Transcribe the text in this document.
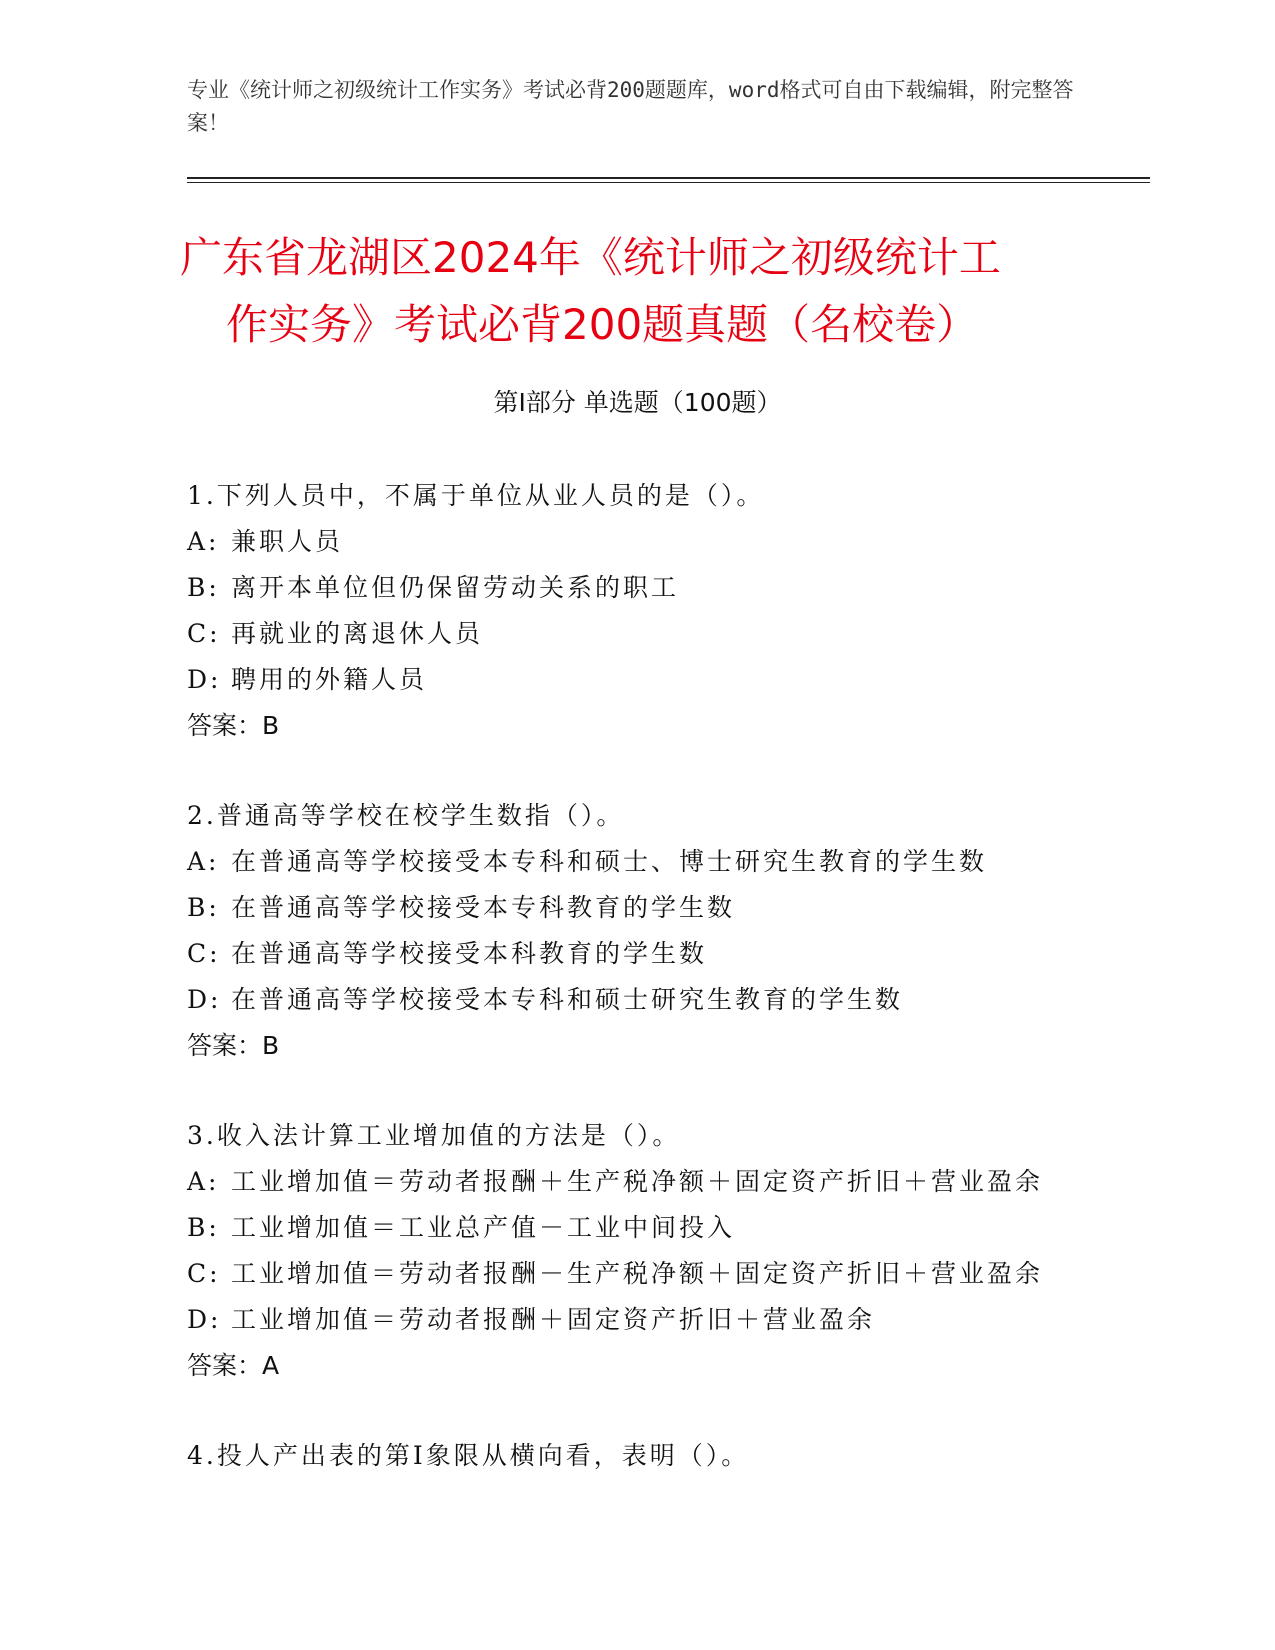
专业《统计师之初级统计工作实务》考试必背200题题库，word格式可自由下载编辑，附完整答案！
广东省龙湖区2024年《统计师之初级统计工
作实务》考试必背200题真题（名校卷）
第Ⅰ部分 单选题（100题）
1.下列人员中，不属于单位从业人员的是（）。
A: 兼职人员
B: 离开本单位但仍保留劳动关系的职工
C: 再就业的离退休人员
D: 聘用的外籍人员
答案：B
2.普通高等学校在校学生数指（）。
A: 在普通高等学校接受本专科和硕士、博士研究生教育的学生数
B: 在普通高等学校接受本专科教育的学生数
C: 在普通高等学校接受本科教育的学生数
D: 在普通高等学校接受本专科和硕士研究生教育的学生数
答案：B
3.收入法计算工业增加值的方法是（）。
A: 工业增加值＝劳动者报酬＋生产税净额＋固定资产折旧＋营业盈余
B: 工业增加值＝工业总产值－工业中间投入
C: 工业增加值＝劳动者报酬－生产税净额＋固定资产折旧＋营业盈余
D: 工业增加值＝劳动者报酬＋固定资产折旧＋营业盈余
答案：A
4.投人产出表的第Ⅰ象限从横向看，表明（）。
